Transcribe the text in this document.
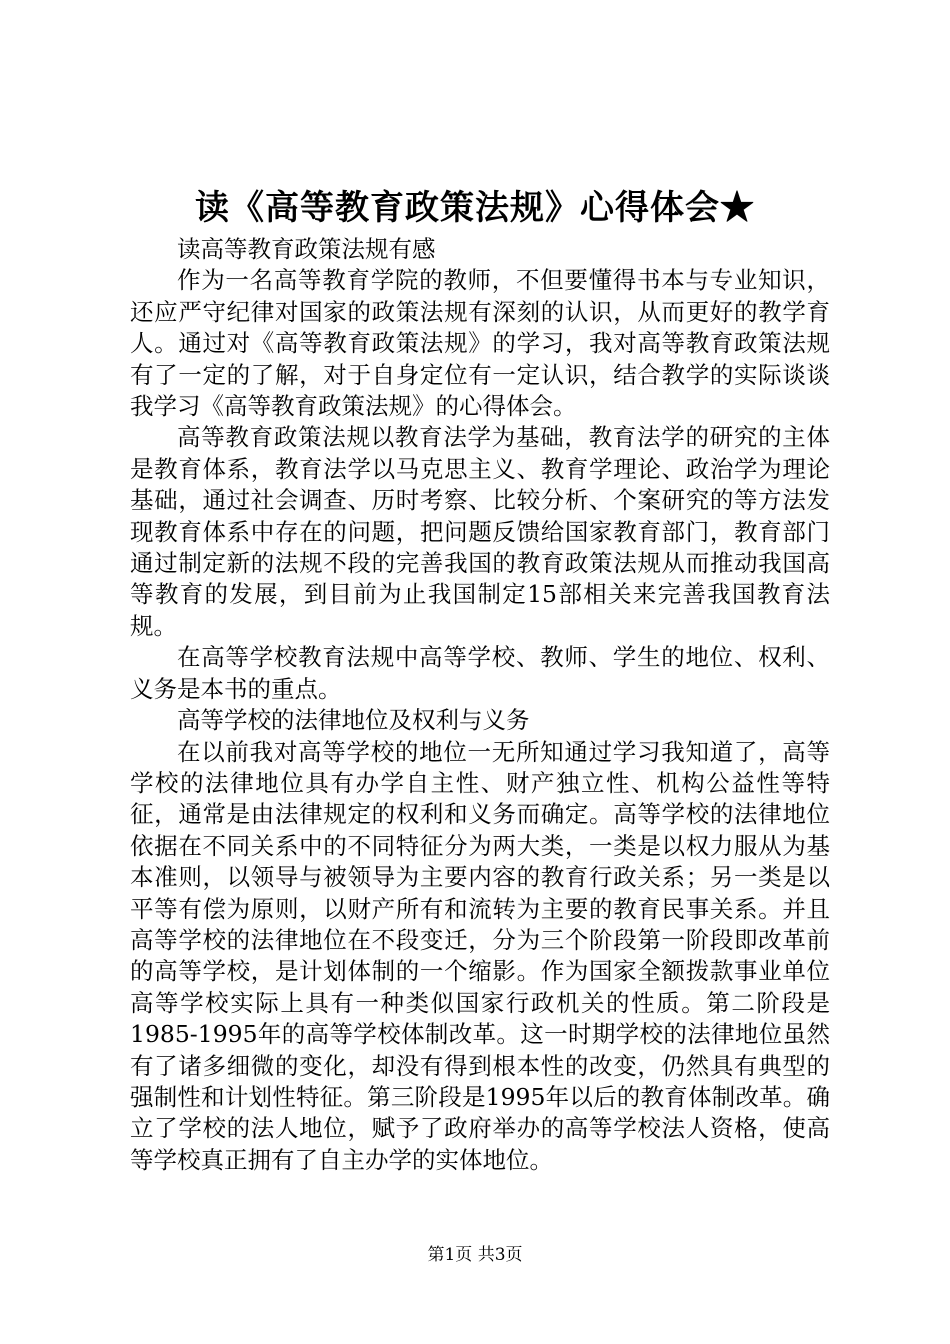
读《高等教育政策法规》心得体会★

读高等教育政策法规有感

作为一名高等教育学院的教师，不但要懂得书本与专业知识，还应严守纪律对国家的政策法规有深刻的认识，从而更好的教学育人。通过对《高等教育政策法规》的学习，我对高等教育政策法规有了一定的了解，对于自身定位有一定认识，结合教学的实际谈谈我学习《高等教育政策法规》的心得体会。

高等教育政策法规以教育法学为基础，教育法学的研究的主体是教育体系，教育法学以马克思主义、教育学理论、政治学为理论基础，通过社会调查、历时考察、比较分析、个案研究的等方法发现教育体系中存在的问题，把问题反馈给国家教育部门，教育部门通过制定新的法规不段的完善我国的教育政策法规从而推动我国高等教育的发展，到目前为止我国制定15部相关来完善我国教育法规。

在高等学校教育法规中高等学校、教师、学生的地位、权利、义务是本书的重点。

高等学校的法律地位及权利与义务

在以前我对高等学校的地位一无所知通过学习我知道了，高等学校的法律地位具有办学自主性、财产独立性、机构公益性等特征，通常是由法律规定的权利和义务而确定。高等学校的法律地位依据在不同关系中的不同特征分为两大类，一类是以权力服从为基本准则，以领导与被领导为主要内容的教育行政关系；另一类是以平等有偿为原则，以财产所有和流转为主要的教育民事关系。并且高等学校的法律地位在不段变迁，分为三个阶段第一阶段即改革前的高等学校，是计划体制的一个缩影。作为国家全额拨款事业单位高等学校实际上具有一种类似国家行政机关的性质。第二阶段是1985-1995年的高等学校体制改革。这一时期学校的法律地位虽然有了诸多细微的变化，却没有得到根本性的改变，仍然具有典型的强制性和计划性特征。第三阶段是1995年以后的教育体制改革。确立了学校的法人地位，赋予了政府举办的高等学校法人资格，使高等学校真正拥有了自主办学的实体地位。

第1页 共3页
